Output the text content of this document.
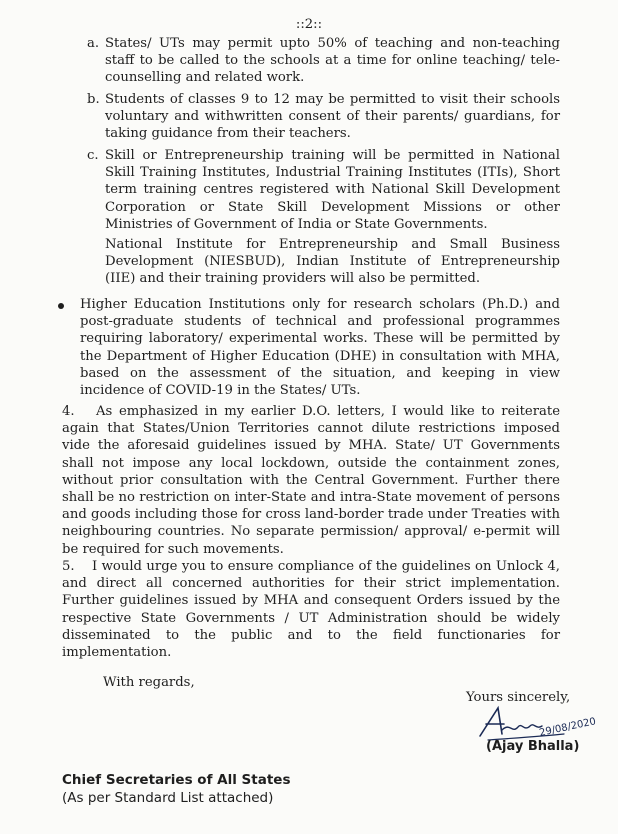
::2::
a. States/ UTs may permit upto 50% of teaching and non-teaching staff to be called to the schools at a time for online teaching/ tele- counselling and related work.
b. Students of classes 9 to 12 may be permitted to visit their schools voluntary and withwritten consent of their parents/ guardians, for taking guidance from their teachers.
c. Skill or Entrepreneurship training will be permitted in National Skill Training Institutes, Industrial Training Institutes (ITIs), Short term training centres registered with National Skill Development Corporation or State Skill Development Missions or other Ministries of Government of India or State Governments.
National Institute for Entrepreneurship and Small Business Development (NIESBUD), Indian Institute of Entrepreneurship (IIE) and their training providers will also be permitted.
Higher Education Institutions only for research scholars (Ph.D.) and post-graduate students of technical and professional programmes requiring laboratory/ experimental works. These will be permitted by the Department of Higher Education (DHE) in consultation with MHA, based on the assessment of the situation, and keeping in view incidence of COVID-19 in the States/ UTs.
4. As emphasized in my earlier D.O. letters, I would like to reiterate again that States/Union Territories cannot dilute restrictions imposed vide the aforesaid guidelines issued by MHA. State/ UT Governments shall not impose any local lockdown, outside the containment zones, without prior consultation with the Central Government. Further there shall be no restriction on inter-State and intra-State movement of persons and goods including those for cross land-border trade under Treaties with neighbouring countries. No separate permission/ approval/ e-permit will be required for such movements.
5. I would urge you to ensure compliance of the guidelines on Unlock 4, and direct all concerned authorities for their strict implementation. Further guidelines issued by MHA and consequent Orders issued by the respective State Governments / UT Administration should be widely disseminated to the public and to the field functionaries for implementation.
With regards,
Yours sincerely,
29/08/2020
(Ajay Bhalla)
Chief Secretaries of All States
(As per Standard List attached)
